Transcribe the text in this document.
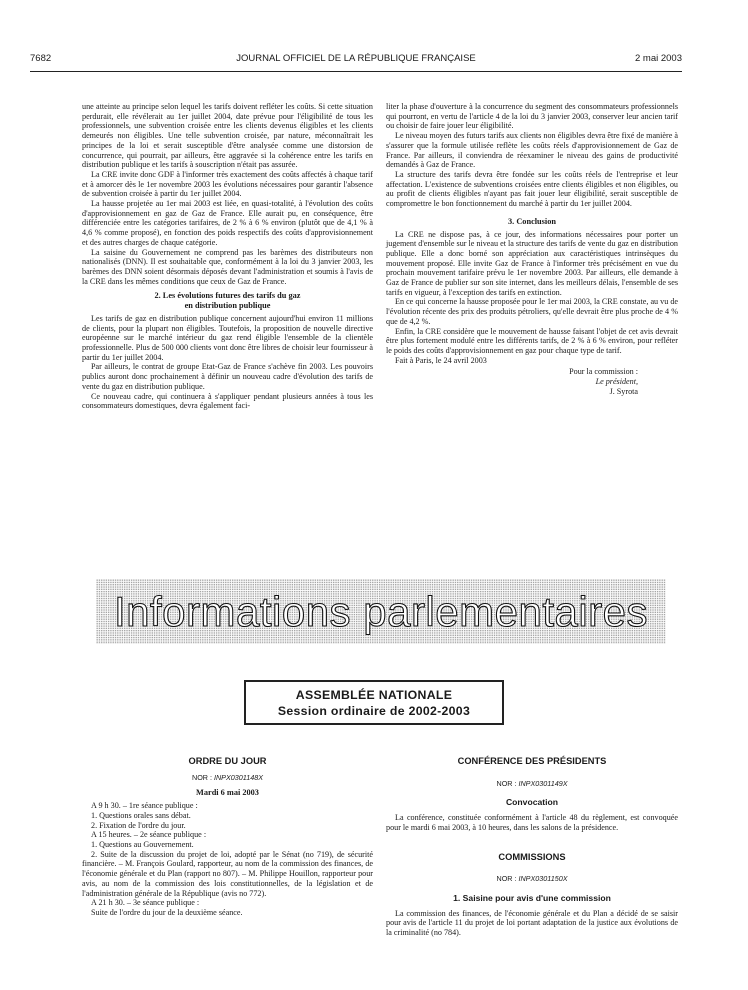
7682	JOURNAL OFFICIEL DE LA RÉPUBLIQUE FRANÇAISE	2 mai 2003

une atteinte au principe selon lequel les tarifs doivent refléter les coûts. Si cette situation perdurait, elle révélerait au 1er juillet 2004, date prévue pour l'éligibilité de tous les professionnels, une subvention croisée entre les clients devenus éligibles et les clients demeurés non éligibles. Une telle subvention croisée, par nature, méconnaîtrait les principes de la loi et serait susceptible d'être analysée comme une distorsion de concurrence, qui pourrait, par ailleurs, être aggravée si la cohérence entre les tarifs en distribution publique et les tarifs à souscription n'était pas assurée.

La CRE invite donc GDF à l'informer très exactement des coûts affectés à chaque tarif et à amorcer dès le 1er novembre 2003 les évolutions nécessaires pour garantir l'absence de subvention croisée à partir du 1er juillet 2004.

La hausse projetée au 1er mai 2003 est liée, en quasi-totalité, à l'évolution des coûts d'approvisionnement en gaz de Gaz de France. Elle aurait pu, en conséquence, être différenciée entre les catégories tarifaires, de 2 % à 6 % environ (plutôt que de 4,1 % à 4,6 % comme proposé), en fonction des poids respectifs des coûts d'approvisionnement et des autres charges de chaque catégorie.

La saisine du Gouvernement ne comprend pas les barèmes des distributeurs non nationalisés (DNN). Il est souhaitable que, conformément à la loi du 3 janvier 2003, les barèmes des DNN soient désormais déposés devant l'administration et soumis à l'avis de la CRE dans les mêmes conditions que ceux de Gaz de France.

2. Les évolutions futures des tarifs du gaz
en distribution publique

Les tarifs de gaz en distribution publique concernent aujourd'hui environ 11 millions de clients, pour la plupart non éligibles. Toutefois, la proposition de nouvelle directive européenne sur le marché intérieur du gaz rend éligible l'ensemble de la clientèle professionnelle. Plus de 500 000 clients vont donc être libres de choisir leur fournisseur à partir du 1er juillet 2004.

Par ailleurs, le contrat de groupe Etat-Gaz de France s'achève fin 2003. Les pouvoirs publics auront donc prochainement à définir un nouveau cadre d'évolution des tarifs de vente du gaz en distribution publique.

Ce nouveau cadre, qui continuera à s'appliquer pendant plusieurs années à tous les consommateurs domestiques, devra également faci-

liter la phase d'ouverture à la concurrence du segment des consommateurs professionnels qui pourront, en vertu de l'article 4 de la loi du 3 janvier 2003, conserver leur ancien tarif ou choisir de faire jouer leur éligibilité.

Le niveau moyen des futurs tarifs aux clients non éligibles devra être fixé de manière à s'assurer que la formule utilisée reflète les coûts réels d'approvisionnement de Gaz de France. Par ailleurs, il conviendra de réexaminer le niveau des gains de productivité demandés à Gaz de France.

La structure des tarifs devra être fondée sur les coûts réels de l'entreprise et leur affectation. L'existence de subventions croisées entre clients éligibles et non éligibles, ou au profit de clients éligibles n'ayant pas fait jouer leur éligibilité, serait susceptible de compromettre le bon fonctionnement du marché à partir du 1er juillet 2004.

3. Conclusion

La CRE ne dispose pas, à ce jour, des informations nécessaires pour porter un jugement d'ensemble sur le niveau et la structure des tarifs de vente du gaz en distribution publique. Elle a donc borné son appréciation aux caractéristiques intrinsèques du mouvement proposé. Elle invite Gaz de France à l'informer très précisément en vue du prochain mouvement tarifaire prévu le 1er novembre 2003. Par ailleurs, elle demande à Gaz de France de publier sur son site internet, dans les meilleurs délais, l'ensemble de ses tarifs en vigueur, à l'exception des tarifs en extinction.

En ce qui concerne la hausse proposée pour le 1er mai 2003, la CRE constate, au vu de l'évolution récente des prix des produits pétroliers, qu'elle devrait être plus proche de 4 % que de 4,2 %.

Enfin, la CRE considère que le mouvement de hausse faisant l'objet de cet avis devrait être plus fortement modulé entre les différents tarifs, de 2 % à 6 % environ, pour refléter le poids des coûts d'approvisionnement en gaz pour chaque type de tarif.

Fait à Paris, le 24 avril 2003

Pour la commission :
Le président,
J. Syrota
Informations parlementaires
ASSEMBLÉE NATIONALE
Session ordinaire de 2002-2003
ORDRE DU JOUR
NOR : INPX0301148X
Mardi 6 mai 2003

A 9 h 30. – 1re séance publique :

1. Questions orales sans débat.

2. Fixation de l'ordre du jour.

A 15 heures. – 2e séance publique :

1. Questions au Gouvernement.

2. Suite de la discussion du projet de loi, adopté par le Sénat (no 719), de sécurité financière. – M. François Goulard, rapporteur, au nom de la commission des finances, de l'économie générale et du Plan (rapport no 807). – M. Philippe Houillon, rapporteur pour avis, au nom de la commission des lois constitutionnelles, de la législation et de l'administration générale de la République (avis no 772).

A 21 h 30. – 3e séance publique :

Suite de l'ordre du jour de la deuxième séance.

CONFÉRENCE DES PRÉSIDENTS
NOR : INPX0301149X
Convocation

La conférence, constituée conformément à l'article 48 du règlement, est convoquée pour le mardi 6 mai 2003, à 10 heures, dans les salons de la présidence.

COMMISSIONS
NOR : INPX0301150X
1. Saisine pour avis d'une commission

La commission des finances, de l'économie générale et du Plan a décidé de se saisir pour avis de l'article 11 du projet de loi portant adaptation de la justice aux évolutions de la criminalité (no 784).
